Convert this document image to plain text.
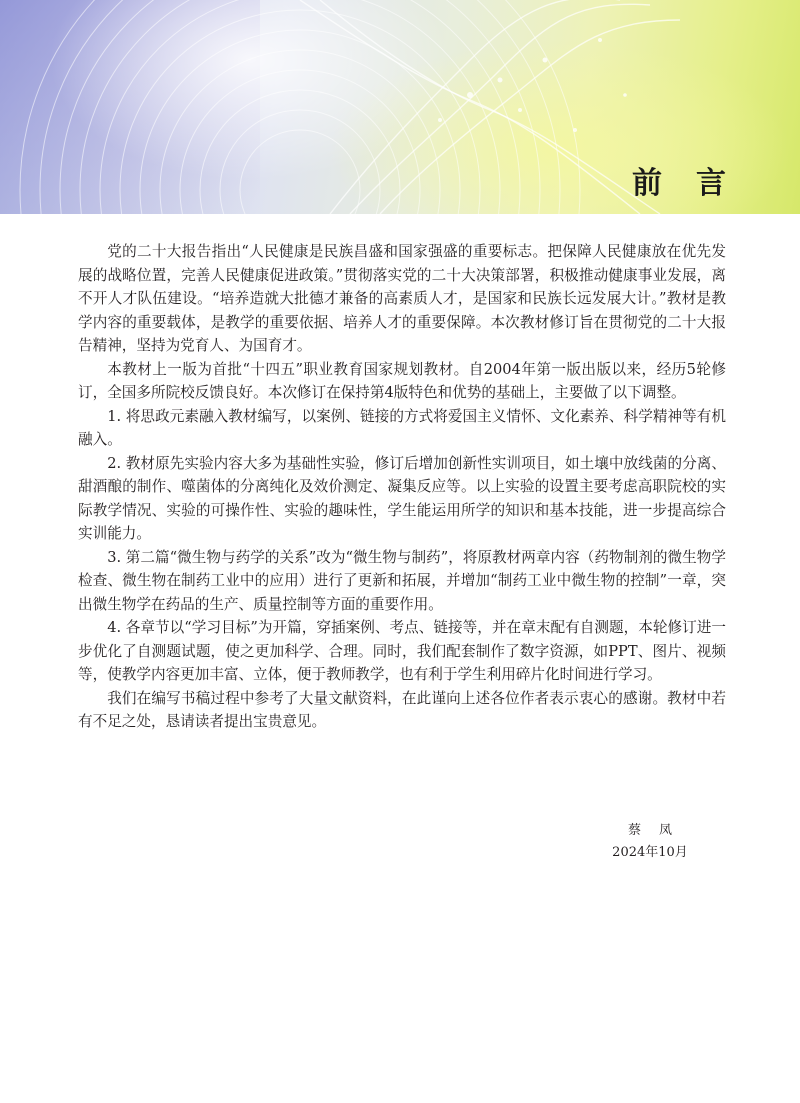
前言

党的二十大报告指出“人民健康是民族昌盛和国家强盛的重要标志。把保障人民健康放在优先发展的战略位置，完善人民健康促进政策。”贯彻落实党的二十大决策部署，积极推动健康事业发展，离不开人才队伍建设。“培养造就大批德才兼备的高素质人才，是国家和民族长远发展大计。”教材是教学内容的重要载体，是教学的重要依据、培养人才的重要保障。本次教材修订旨在贯彻党的二十大报告精神，坚持为党育人、为国育才。

本教材上一版为首批“十四五”职业教育国家规划教材。自2004年第一版出版以来，经历5轮修订，全国多所院校反馈良好。本次修订在保持第4版特色和优势的基础上，主要做了以下调整。

1. 将思政元素融入教材编写，以案例、链接的方式将爱国主义情怀、文化素养、科学精神等有机融入。

2. 教材原先实验内容大多为基础性实验，修订后增加创新性实训项目，如土壤中放线菌的分离、甜酒酿的制作、噬菌体的分离纯化及效价测定、凝集反应等。以上实验的设置主要考虑高职院校的实际教学情况、实验的可操作性、实验的趣味性，学生能运用所学的知识和基本技能，进一步提高综合实训能力。

3. 第二篇“微生物与药学的关系”改为“微生物与制药”，将原教材两章内容（药物制剂的微生物学检查、微生物在制药工业中的应用）进行了更新和拓展，并增加“制药工业中微生物的控制”一章，突出微生物学在药品的生产、质量控制等方面的重要作用。

4. 各章节以“学习目标”为开篇，穿插案例、考点、链接等，并在章末配有自测题，本轮修订进一步优化了自测题试题，使之更加科学、合理。同时，我们配套制作了数字资源，如PPT、图片、视频等，使教学内容更加丰富、立体，便于教师教学，也有利于学生利用碎片化时间进行学习。

我们在编写书稿过程中参考了大量文献资料，在此谨向上述各位作者表示衷心的感谢。教材中若有不足之处，恳请读者提出宝贵意见。

蔡凤
2024年10月
